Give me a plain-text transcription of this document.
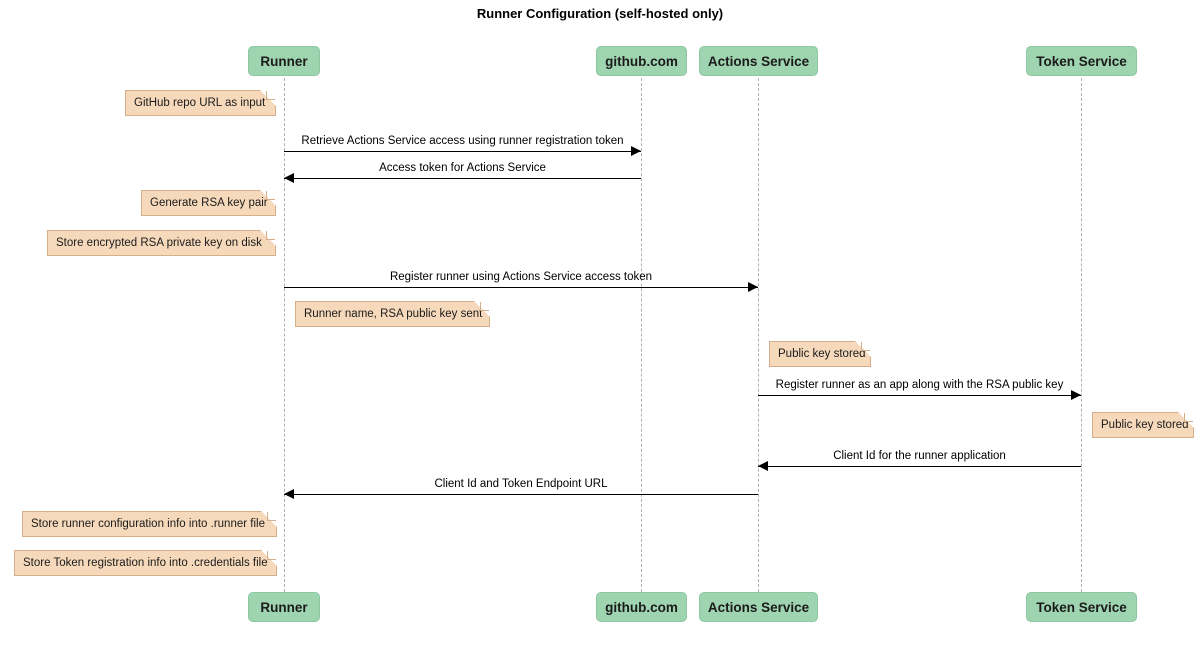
Runner Configuration (self-hosted only)
Runner
Runner
github.com
github.com
Actions Service
Actions Service
Token Service
Token Service
Retrieve Actions Service access using runner registration token
Access token for Actions Service
Register runner using Actions Service access token
Register runner as an app along with the RSA public key
Client Id for the runner application
Client Id and Token Endpoint URL
GitHub repo URL as input
Generate RSA key pair
Store encrypted RSA private key on disk
Runner name, RSA public key sent
Public key stored
Public key stored
Store runner configuration info into .runner file
Store Token registration info into .credentials file
